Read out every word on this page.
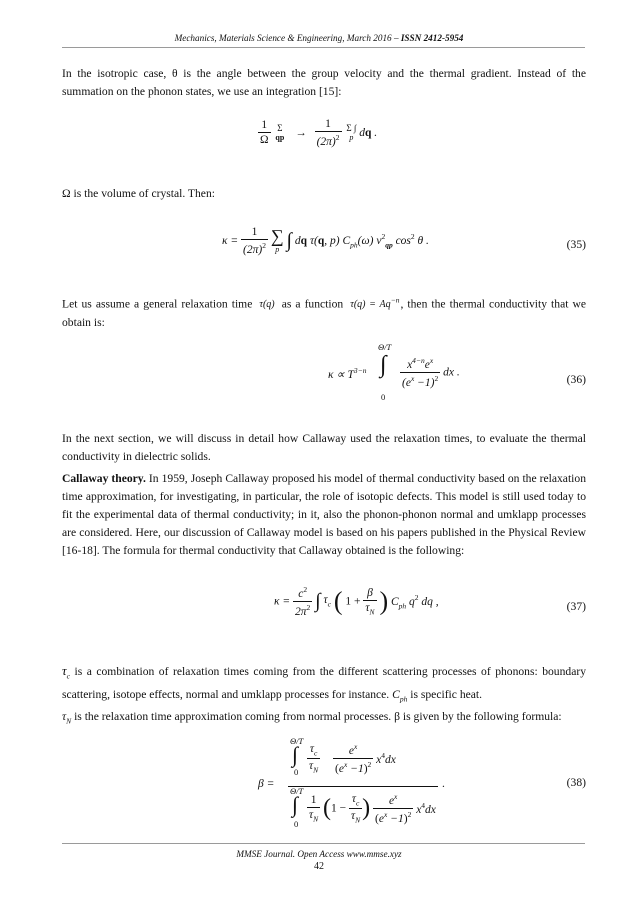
Mechanics, Materials Science & Engineering, March 2016 – ISSN 2412-5954
In the isotropic case, θ is the angle between the group velocity and the thermal gradient. Instead of the summation on the phonon states, we use an integration [15]:
$\frac{1}{\Omega}$
Σ
qp → $\frac{1}{(2\pi)^2}$
Σ ∫
p dq .
Ω is the volume of crystal. Then:
$\kappa = \frac{1}{(2\pi)^2}$
∑
p ∫ dq τ(q, p) $C_{ph}(\omega)$ $v^2_{qp}$ $\cos^2 \theta$ .	(35)
Let us assume a general relaxation time τ(q) as a function $\tau(q) = Aq^{-n}$, then the thermal conductivity that we obtain is:
$\kappa \propto T^{3-n}$
Θ/T
∫
0
$\frac{x^{4-n}e^x}{(e^x -1)^2}$ dx .
(36)
In the next section, we will discuss in detail how Callaway used the relaxation times, to evaluate the thermal conductivity in dielectric solids.
Callaway theory. In 1959, Joseph Callaway proposed his model of thermal conductivity based on the relaxation time approximation, for investigating, in particular, the role of isotopic defects. This model is still used today to fit the experimental data of thermal conductivity; in it, also the phonon-phonon normal and umklapp processes are considered. Here, our discussion of Callaway model is based on his papers published in the Physical Review [16-18]. The formula for thermal conductivity that Callaway obtained is the following:
$\kappa = \frac{c^2}{2\pi^2}$ ∫ $\tau_c$ ( $1 + \frac{\beta}{\tau_N}$ ) $C_{ph}$ $q^2$ dq ,	(37)
$\tau_c$ is a combination of relaxation times coming from the different scattering processes of phonons: boundary scattering, isotope effects, normal and umklapp processes for instance. $C_{ph}$ is specific heat.
$\tau_N$ is the relaxation time approximation coming from normal processes. β is given by the following formula:
β =
Θ/T
∫
$0 \frac{\tau_c}{\tau_N}$
$\frac{e^x}{(e^x -1)^2} x^4dx$
.
Θ/T
∫
0
$\frac{1}{\tau_N} (1 - \frac{\tau_c}{\tau_N}$ ) $\frac{e^x}{(e^x -1)^2} x^4dx$
(38)
MMSE Journal. Open Access www.mmse.xyz
42
